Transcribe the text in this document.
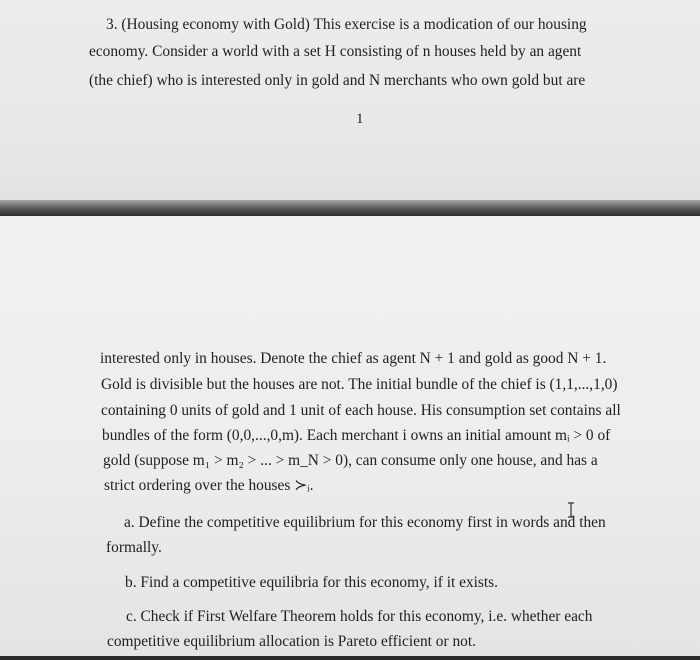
3. (Housing economy with Gold) This exercise is a modication of our housing
economy. Consider a world with a set H consisting of n houses held by an agent
(the chief) who is interested only in gold and N merchants who own gold but are
1
interested only in houses. Denote the chief as agent N + 1 and gold as good N + 1.
Gold is divisible but the houses are not. The initial bundle of the chief is (1,1,...,1,0)
containing 0 units of gold and 1 unit of each house. His consumption set contains all
bundles of the form (0,0,...,0,m). Each merchant i owns an initial amount mᵢ > 0 of
gold (suppose m₁ > m₂ > ... > m_N > 0), can consume only one house, and has a
strict ordering over the houses ≻ᵢ.
a. Define the competitive equilibrium for this economy first in words and then
formally.
b. Find a competitive equilibria for this economy, if it exists.
c. Check if First Welfare Theorem holds for this economy, i.e. whether each
competitive equilibrium allocation is Pareto efficient or not.
